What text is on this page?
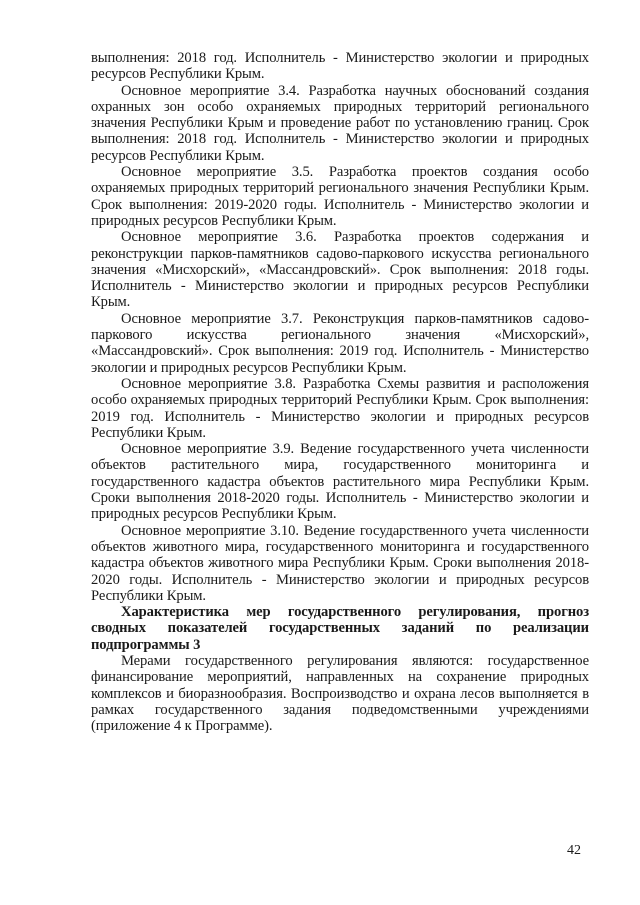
выполнения: 2018 год. Исполнитель - Министерство экологии и природных ресурсов Республики Крым.

Основное мероприятие 3.4. Разработка научных обоснований создания охранных зон особо охраняемых природных территорий регионального значения Республики Крым и проведение работ по установлению границ. Срок выполнения: 2018 год. Исполнитель - Министерство экологии и природных ресурсов Республики Крым.

Основное мероприятие 3.5. Разработка проектов создания особо охраняемых природных территорий регионального значения Республики Крым. Срок выполнения: 2019-2020 годы. Исполнитель - Министерство экологии и природных ресурсов Республики Крым.

Основное мероприятие 3.6. Разработка проектов содержания и реконструкции парков-памятников садово-паркового искусства регионального значения «Мисхорский», «Массандровский». Срок выполнения: 2018 годы. Исполнитель - Министерство экологии и природных ресурсов Республики Крым.

Основное мероприятие 3.7. Реконструкция парков-памятников садово-паркового искусства регионального значения «Мисхорский», «Массандровский». Срок выполнения: 2019 год. Исполнитель - Министерство экологии и природных ресурсов Республики Крым.

Основное мероприятие 3.8. Разработка Схемы развития и расположения особо охраняемых природных территорий Республики Крым. Срок выполнения: 2019 год. Исполнитель - Министерство экологии и природных ресурсов Республики Крым.

Основное мероприятие 3.9. Ведение государственного учета численности объектов растительного мира, государственного мониторинга и государственного кадастра объектов растительного мира Республики Крым. Сроки выполнения 2018-2020 годы. Исполнитель - Министерство экологии и природных ресурсов Республики Крым.

Основное мероприятие 3.10. Ведение государственного учета численности объектов животного мира, государственного мониторинга и государственного кадастра объектов животного мира Республики Крым. Сроки выполнения 2018-2020 годы. Исполнитель - Министерство экологии и природных ресурсов Республики Крым.

Характеристика мер государственного регулирования, прогноз сводных показателей государственных заданий по реализации подпрограммы 3

Мерами государственного регулирования являются: государственное финансирование мероприятий, направленных на сохранение природных комплексов и биоразнообразия. Воспроизводство и охрана лесов выполняется в рамках государственного задания подведомственными учреждениями (приложение 4 к Программе).

42
